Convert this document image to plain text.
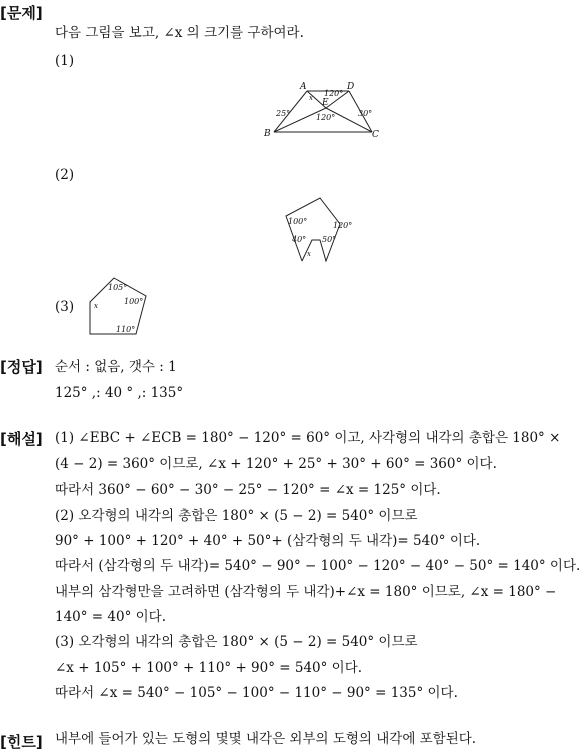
[문제]
다음 그림을 보고, ∠x 의 크기를 구하여라.
(1)
A	D
E
B	C
x 120°
120°
25°	30°
(2)
100°	120°
40° 50°
x
(3)
105°
100°
110°
x
[정답] 순서 : 없음, 갯수 : 1
125° ,: 40 ° ,: 135°
[해설] (1) ∠EBC + ∠ECB = 180° − 120° = 60° 이고, 사각형의 내각의 총합은 180° ×
(4 − 2) = 360° 이므로, ∠x + 120° + 25° + 30° + 60° = 360° 이다.
따라서 360° − 60° − 30° − 25° − 120° = ∠x = 125° 이다.
(2) 오각형의 내각의 총합은 180° × (5 − 2) = 540° 이므로
90° + 100° + 120° + 40° + 50°+ (삼각형의 두 내각)= 540° 이다.
따라서 (삼각형의 두 내각)= 540° − 90° − 100° − 120° − 40° − 50° = 140° 이다.
내부의 삼각형만을 고려하면 (삼각형의 두 내각)+∠x = 180° 이므로, ∠x = 180° −
140° = 40° 이다.
(3) 오각형의 내각의 총합은 180° × (5 − 2) = 540° 이므로
∠x + 105° + 100° + 110° + 90° = 540° 이다.
따라서 ∠x = 540° − 105° − 100° − 110° − 90° = 135° 이다.
[힌트] 내부에 들어가 있는 도형의 몇몇 내각은 외부의 도형의 내각에 포함된다.
